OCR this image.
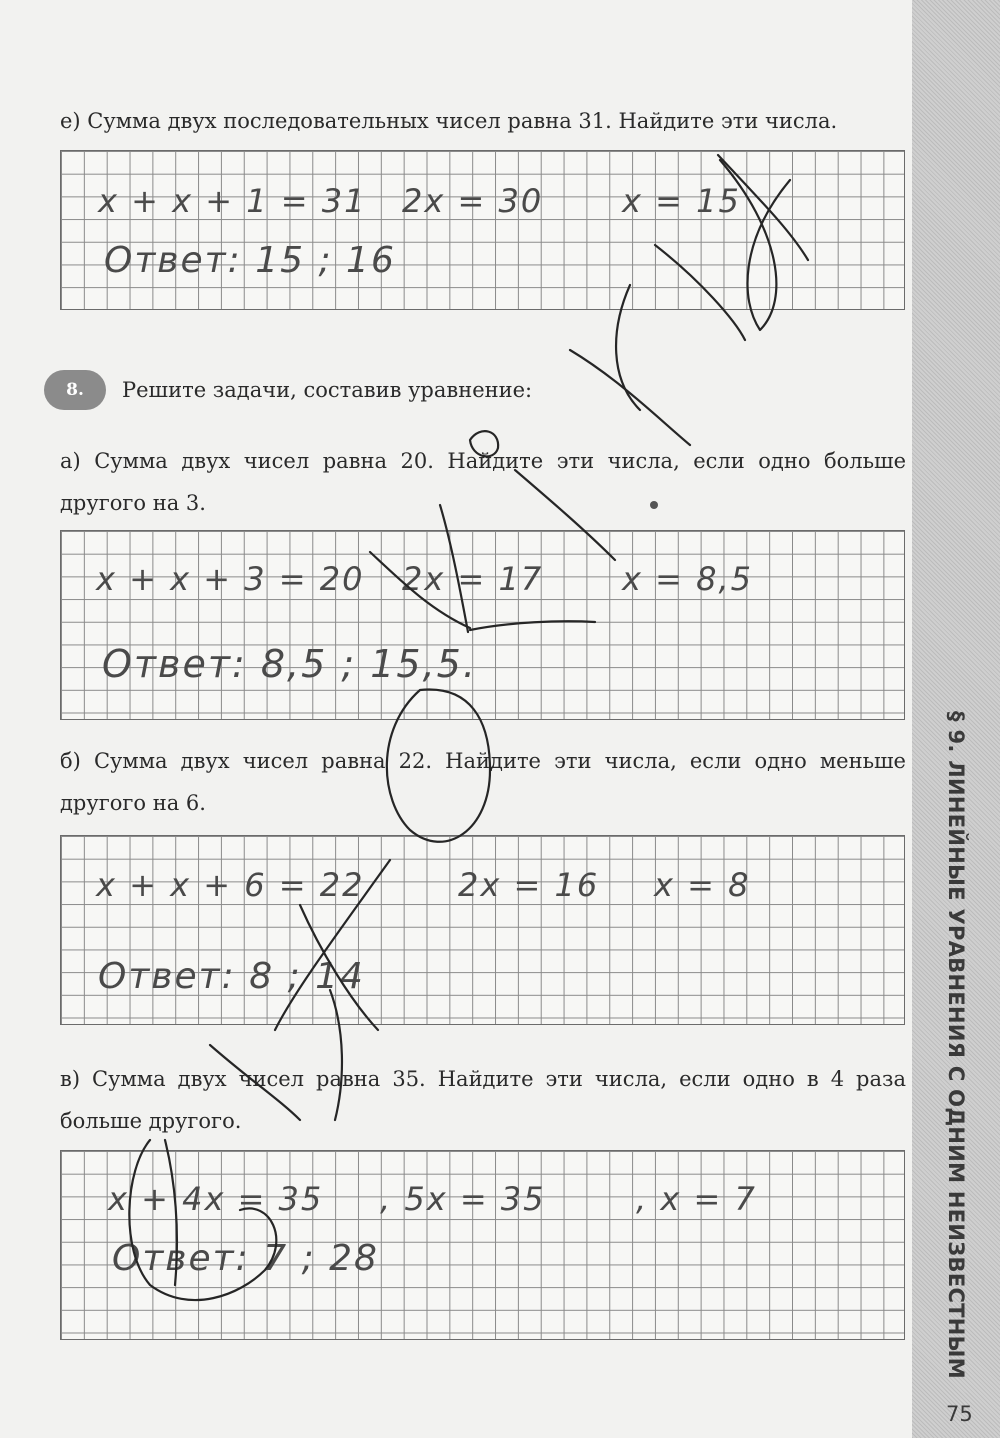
§ 9. ЛИНЕЙНЫЕ УРАВНЕНИЯ С ОДНИМ НЕИЗВЕСТНЫМ
75
е) Сумма двух последовательных чисел равна 31. Найдите эти числа.
x + x + 1 = 31 2x = 30 x = 15
Ответ: 15 ; 16
8.	Решите задачи, составив уравнение:
а) Сумма двух чисел равна 20. Найдите эти числа, если одно больше другого на 3.
x + x + 3 = 20 2x = 17 x = 8,5
Ответ: 8,5 ; 15,5.
б) Сумма двух чисел равна 22. Найдите эти числа, если одно меньше другого на 6.
x + x + 6 = 22	2x = 16 x = 8
Ответ: 8 ; 14
в) Сумма двух чисел равна 35. Найдите эти числа, если одно в 4 раза больше другого.
x + 4x = 35 , 5x = 35	, x = 7
Ответ: 7 ; 28
